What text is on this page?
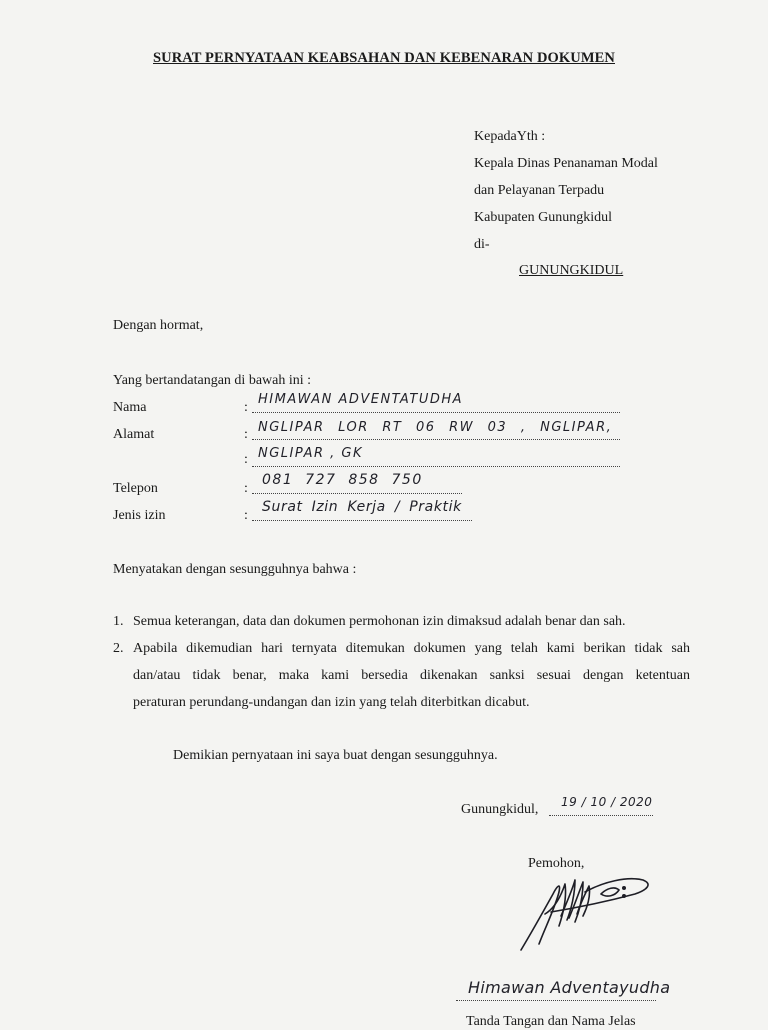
SURAT PERNYATAAN KEABSAHAN DAN KEBENARAN DOKUMEN
KepadaYth :
Kepala Dinas Penanaman Modal
dan Pelayanan Terpadu
Kabupaten Gunungkidul
di-
GUNUNGKIDUL
Dengan hormat,
Yang bertandatangan di bawah ini :
Nama	:
HIMAWAN ADVENTATUDHA
Alamat	: NGLIPAR LOR RT 06 RW 03 , NGLIPAR,
: NGLIPAR , GK
Telepon	:
081 727 858 750
Jenis izin	:
Surat Izin Kerja / Praktik
Menyatakan dengan sesungguhnya bahwa :
1. Semua keterangan, data dan dokumen permohonan izin dimaksud adalah benar dan sah.
2. Apabila dikemudian hari ternyata ditemukan dokumen yang telah kami berikan tidak sah
dan/atau tidak benar, maka kami bersedia dikenakan sanksi sesuai dengan ketentuan
peraturan perundang-undangan dan izin yang telah diterbitkan dicabut.
Demikian pernyataan ini saya buat dengan sesungguhnya.
Gunungkidul, 19 / 10 / 2020
Pemohon,
Himawan Adventayudha
Tanda Tangan dan Nama Jelas
